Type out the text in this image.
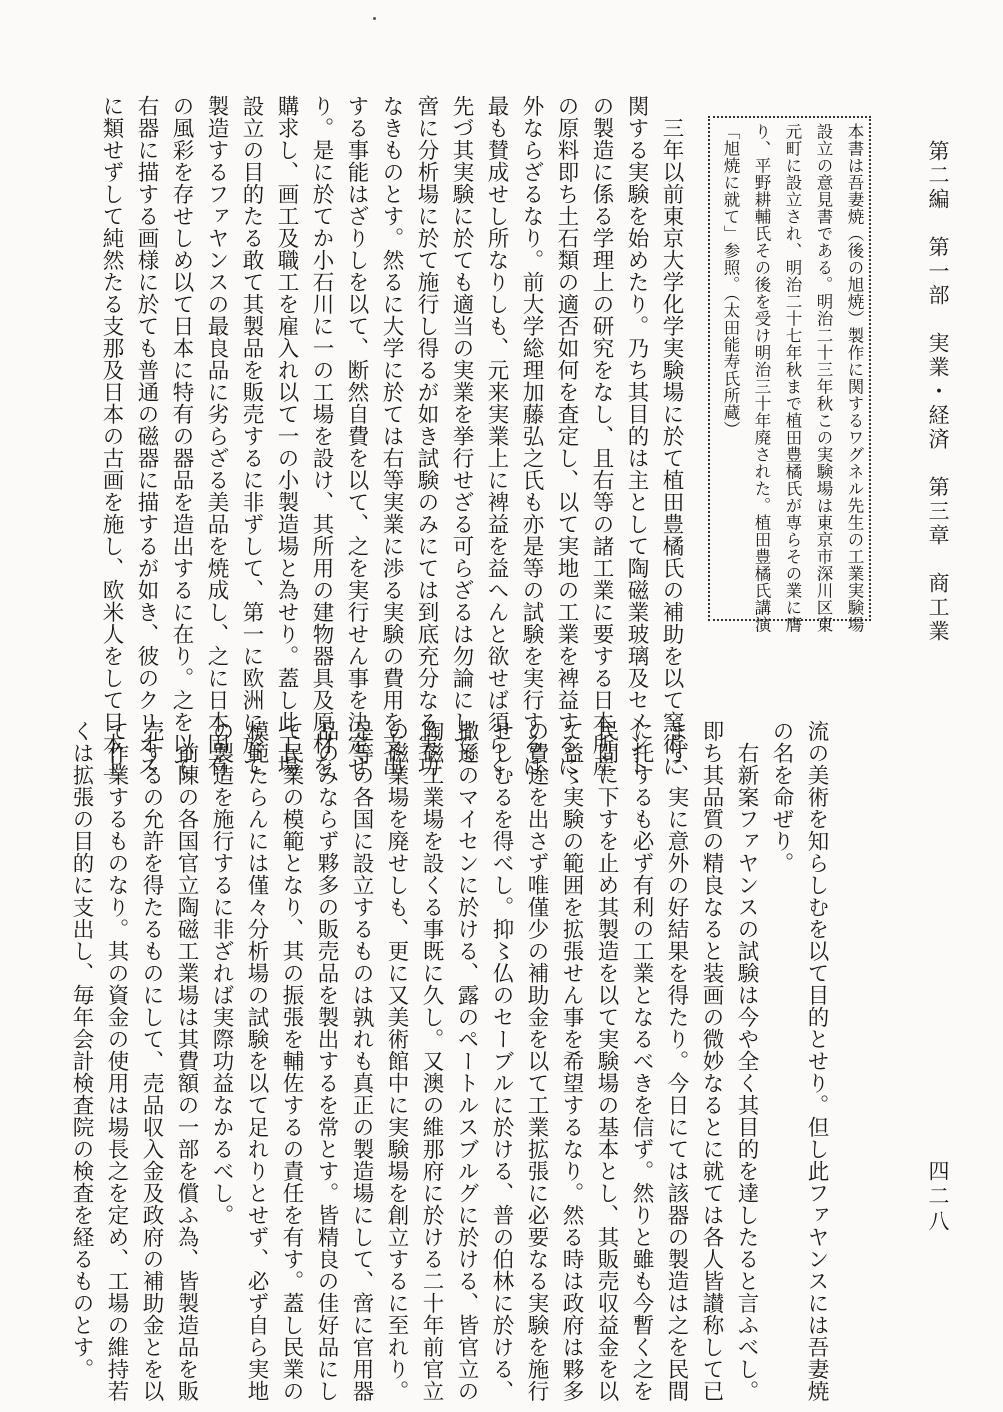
第二編　第一部　実業・経済　第三章　商工業
四二八
本書は吾妻焼（後の旭焼）製作に関するワグネル先生の工業実験場
設立の意見書である。明治二十三年秋この実験場は東京市深川区東
元町に設立され、明治二十七年秋まで植田豊橘氏が専らその業に膺
り、平野耕輔氏その後を受け明治三十年廃された。植田豊橘氏講演
「旭焼に就て」参照。（太田能寿氏所蔵）
　三年以前東京大学化学実験場に於て植田豊橘氏の補助を以て窯術に
関する実験を始めたり。乃ち其目的は主として陶磁業玻璃及セメント
の製造に係る学理上の研究をなし、且右等の諸工業に要する日本所産
の原料即ち土石類の適否如何を査定し、以て実地の工業を裨益するに
外ならざるなり。前大学総理加藤弘之氏も亦是等の試験を実行するは
最も賛成せし所なりしも、元来実業上に裨益を益へんと欲せば須らく
先づ其実験に於ても適当の実業を挙行せざる可らざるは勿論にして、
啻に分析場に於て施行し得るが如き試験のみにては到底充分なる実功
なきものとす。然るに大学に於ては右等実業に渉る実験の費用を支出
する事能はざりしを以て、断然自費を以て、之を実行せん事を決定せ
り。是に於てか小石川に一の工場を設け、其所用の建物器具及原材を
購求し、画工及職工を雇入れ以て一の小製造場と為せり。蓋し此工場
設立の目的たる敢て其製品を販売するに非ずして、第一に欧洲に於て
製造するファヤンスの最良品に劣らざる美品を焼成し、之に日本固有
の風彩を存せしめ以て日本に特有の器品を造出するに在り。之を以て
右器に描する画様に於ても普通の磁器に描するが如き、彼のクリオス
に類せずして純然たる支那及日本の古画を施し、欧米人をして日本上
流の美術を知らしむを以て目的とせり。但し此ファヤンスには吾妻焼
の名を命ぜり。
　右新案ファヤンスの試験は今や全く其目的を達したると言ふべし。
即ち其品質の精良なると装画の微妙なるとに就ては各人皆讃称して已
まず、実に意外の好結果を得たり。今日にては該器の製造は之を民間
に托するも必ず有利の工業となるべきを信ず。然りと雖も今暫く之を
民間に下すを止め其製造を以て実験場の基本とし、其販売収益金を以
て益〻実験の範囲を拡張せん事を希望するなり。然る時は政府は夥多
の費途を出さず唯僅少の補助金を以て工業拡張に必要なる実験を施行
せしむるを得べし。抑〻仏のセーブルに於ける、普の伯林に於ける、
撒遜のマイセンに於ける、露のペートルスブルグに於ける、皆官立の
陶磁工業場を設くる事既に久し。又澳の維那府に於ける二十年前官立
の磁業場を廃せしも、更に又美術館中に実験場を創立するに至れり。
是等の各国に設立するものは孰れも真正の製造場にして、啻に官用器
品のみならず夥多の販売品を製出するを常とす。皆精良の佳好品にし
て民業の模範となり、其の振張を輔佐するの責任を有す。蓋し民業の
模範たらんには僅々分析場の試験を以て足れりとせず、必ず自ら実地
の製造を施行するに非ざれば実際功益なかるべし。
　前陳の各国官立陶磁工業場は其費額の一部を償ふ為、皆製造品を販
売するの允許を得たるものにして、売品収入金及政府の補助金とを以
て作業するものなり。其の資金の使用は場長之を定め、工場の維持若
くは拡張の目的に支出し、毎年会計検査院の検査を経るものとす。
